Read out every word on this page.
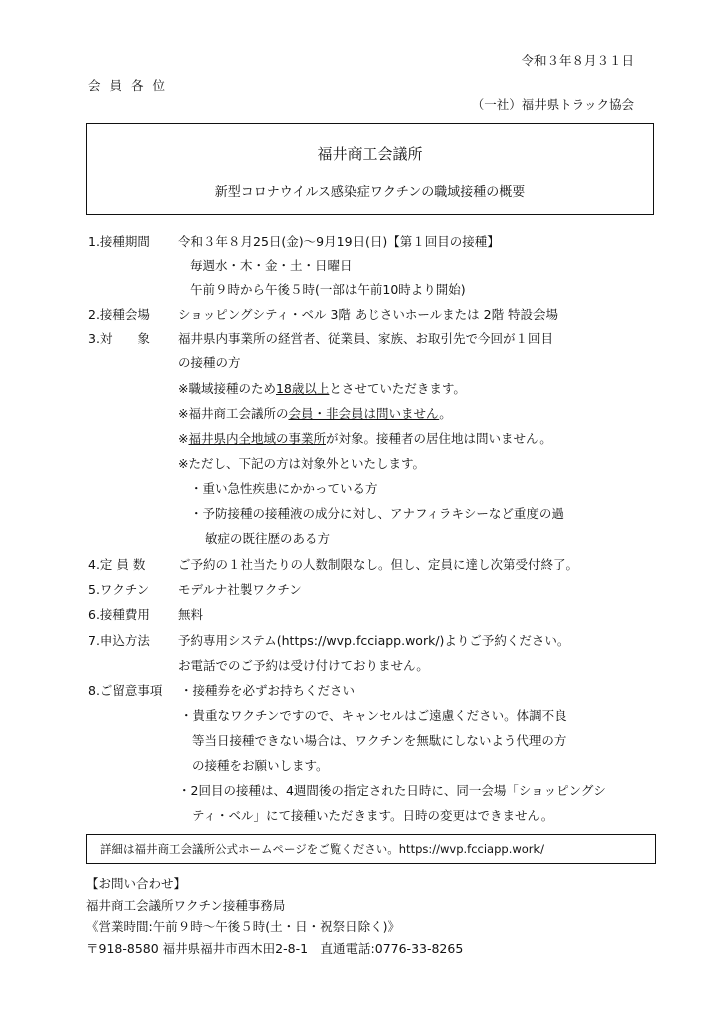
令和３年８月３１日
会員各位
（一社）福井県トラック協会
福井商工会議所
新型コロナウイルス感染症ワクチンの職域接種の概要
1.接種期間 令和３年８月25日(金)～9月19日(日)【第１回目の接種】
毎週水・木・金・土・日曜日
午前９時から午後５時(一部は午前10時より開始)
2.接種会場 ショッピングシティ・ベル 3階 あじさいホールまたは 2階 特設会場
3.対　　象 福井県内事業所の経営者、従業員、家族、お取引先で今回が１回目
の接種の方
※職域接種のため18歳以上とさせていただきます。
※福井商工会議所の会員・非会員は問いません。
※福井県内全地域の事業所が対象。接種者の居住地は問いません。
※ただし、下記の方は対象外といたします。
・重い急性疾患にかかっている方
・予防接種の接種液の成分に対し、アナフィラキシーなど重度の過
敏症の既往歴のある方
4.定 員 数	ご予約の１社当たりの人数制限なし。但し、定員に達し次第受付終了。
5.ワクチン モデルナ社製ワクチン
6.接種費用 無料
7.申込方法 予約専用システム(https://wvp.fcciapp.work/)よりご予約ください。
お電話でのご予約は受け付けておりません。
8.ご留意事項 ・接種券を必ずお持ちください
・貴重なワクチンですので、キャンセルはご遠慮ください。体調不良
等当日接種できない場合は、ワクチンを無駄にしないよう代理の方
の接種をお願いします。
・2回目の接種は、4週間後の指定された日時に、同一会場「ショッピングシ
ティ・ベル」にて接種いただきます。日時の変更はできません。
詳細は福井商工会議所公式ホームページをご覧ください。https://wvp.fcciapp.work/
【お問い合わせ】
福井商工会議所ワクチン接種事務局
《営業時間:午前９時～午後５時(土・日・祝祭日除く)》
〒918-8580 福井県福井市西木田2-8-1　直通電話:0776-33-8265
